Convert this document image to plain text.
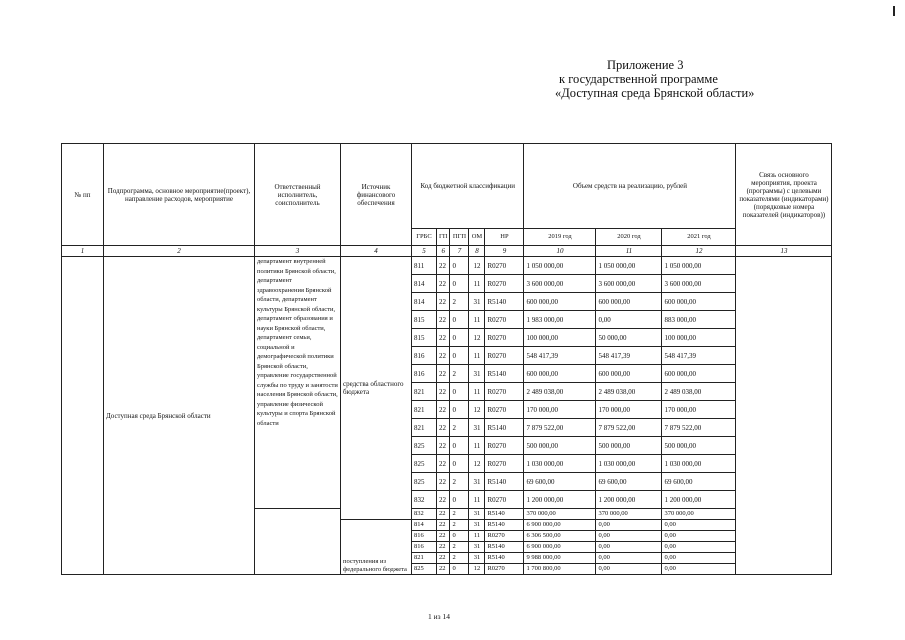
Приложение 3
к государственной программе
«Доступная среда Брянской области»
№ пп	Подпрограмма, основное мероприятие(проект), направление расходов, мероприятие	Ответственный исполнитель, соисполнитель	Источник финансового обеспечения	Код бюджетной классификации					Объем средств на реализацию, рублей			Связь основного мероприятия, проекта (программы) с целевыми показателями (индикаторами) (порядковые номера показателей (индикаторов))
				ГРБС	ГП	ПГП	ОМ	НР	2019 год	2020 год	2021 год	
1	2	3	4	5	6	7	8	9	10	11	12	13
	Доступная среда Брянской области	департамент внутренней политики Брянской области, департамент здравоохранения Брянской области, департамент культуры Брянской области, департамент образования и науки Брянской области, департамент семьи, социальной и демографической политики Брянской области, управление государственной службы по труду и занятости населения Брянской области, управление физической культуры и спорта Брянской области	средства областного бюджета	811	22	0	12	R0270	1 050 000,00	1 050 000,00	1 050 000,00	
				814	22	0	11	R0270	3 600 000,00	3 600 000,00	3 600 000,00	
				814	22	2	31	R5140	600 000,00	600 000,00	600 000,00	
				815	22	0	11	R0270	1 983 000,00	0,00	883 000,00	
				815	22	0	12	R0270	100 000,00	50 000,00	100 000,00	
				816	22	0	11	R0270	548 417,39	548 417,39	548 417,39	
				816	22	2	31	R5140	600 000,00	600 000,00	600 000,00	
				821	22	0	11	R0270	2 489 038,00	2 489 038,00	2 489 038,00	
				821	22	0	12	R0270	170 000,00	170 000,00	170 000,00	
				821	22	2	31	R5140	7 879 522,00	7 879 522,00	7 879 522,00	
				825	22	0	11	R0270	500 000,00	500 000,00	500 000,00	
				825	22	0	12	R0270	1 030 000,00	1 030 000,00	1 030 000,00	
				825	22	2	31	R5140	69 600,00	69 600,00	69 600,00	
				832	22	0	11	R0270	1 200 000,00	1 200 000,00	1 200 000,00	
				832	22	2	31	R5140	370 000,00	370 000,00	370 000,00	
			поступления из федерального бюджета	814	22	2	31	R5140	6 900 000,00	0,00	0,00	
				816	22	0	11	R0270	6 306 500,00	0,00	0,00	
				816	22	2	31	R5140	6 900 000,00	0,00	0,00	
				821	22	2	31	R5140	9 988 000,00	0,00	0,00	
				825	22	0	12	R0270	1 700 800,00	0,00	0,00	
1 из 14
